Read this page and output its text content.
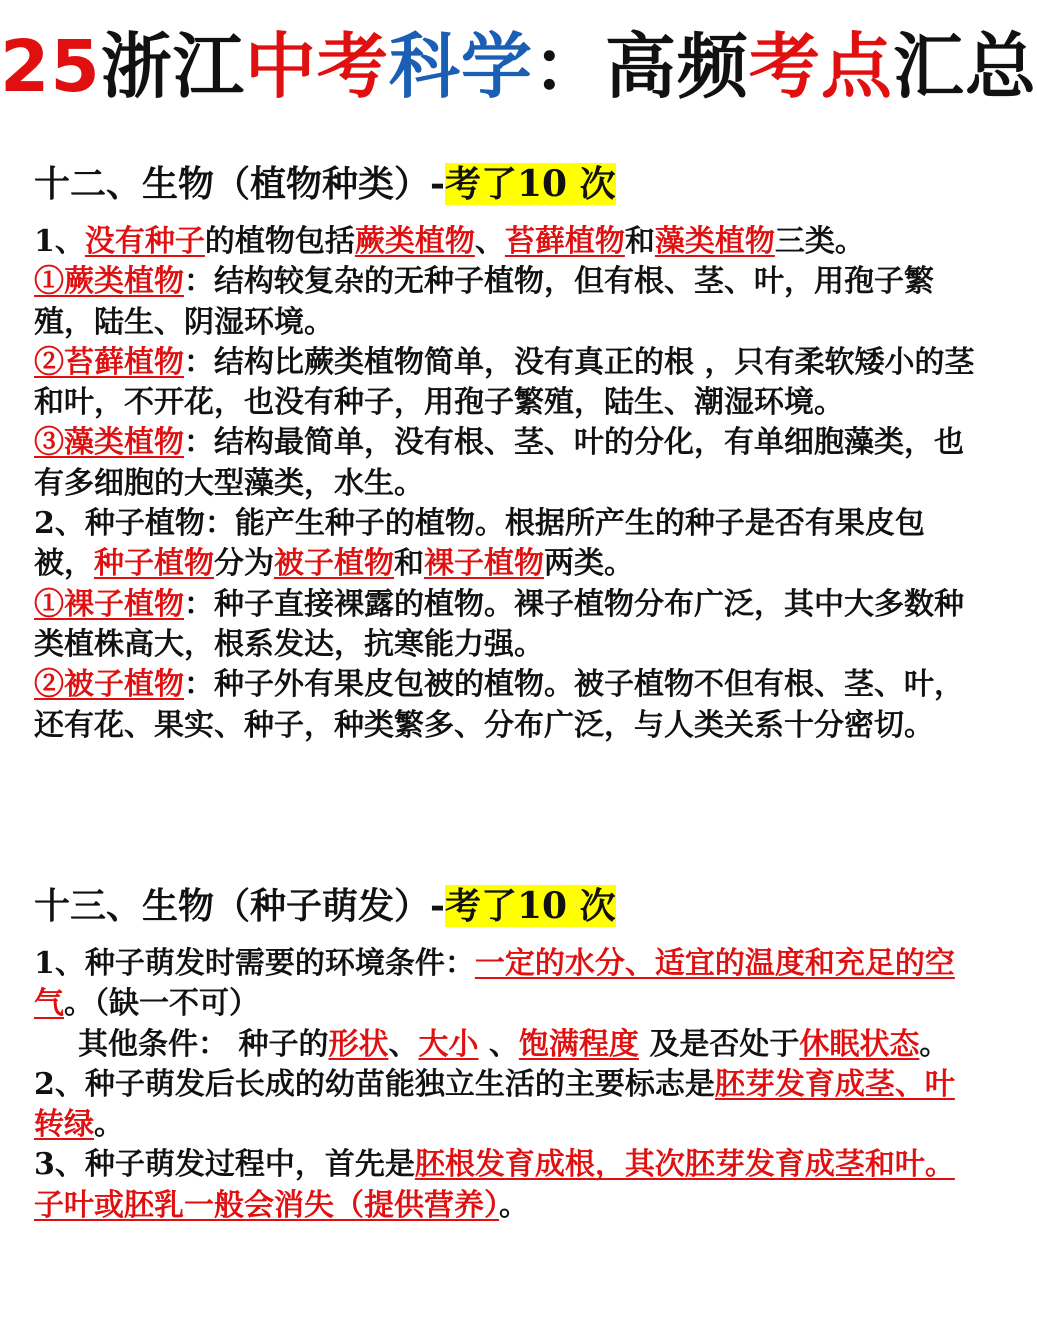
25浙江中考科学：高频考点汇总
十二、生物（植物种类）-考了10 次

1、没有种子的植物包括蕨类植物、苔藓植物和藻类植物三类。

①蕨类植物：结构较复杂的无种子植物，但有根、茎、叶，用孢子繁殖，陆生、阴湿环境。

②苔藓植物：结构比蕨类植物简单，没有真正的根 ，只有柔软矮小的茎 和叶，不开花，也没有种子，用孢子繁殖，陆生、潮湿环境。

③藻类植物：结构最简单，没有根、茎、叶的分化，有单细胞藻类，也有多细胞的大型藻类，水生。

2、种子植物：能产生种子的植物。根据所产生的种子是否有果皮包被，种子植物分为被子植物和裸子植物两类。

①裸子植物：种子直接裸露的植物。裸子植物分布广泛，其中大多数种类植株高大，根系发达，抗寒能力强。

②被子植物：种子外有果皮包被的植物。被子植物不但有根、茎、叶，还有花、果实、种子，种类繁多、分布广泛，与人类关系十分密切。

十三、生物（种子萌发）-考了10 次

1、种子萌发时需要的环境条件：一定的水分、适宜的温度和充足的空气。（缺一不可）

其他条件： 种子的形状、大小 、饱满程度 及是否处于休眠状态。

2、种子萌发后长成的幼苗能独立生活的主要标志是胚芽发育成茎、叶转绿。

3、种子萌发过程中，首先是胚根发育成根，其次胚芽发育成茎和叶。子叶或胚乳一般会消失（提供营养）。
